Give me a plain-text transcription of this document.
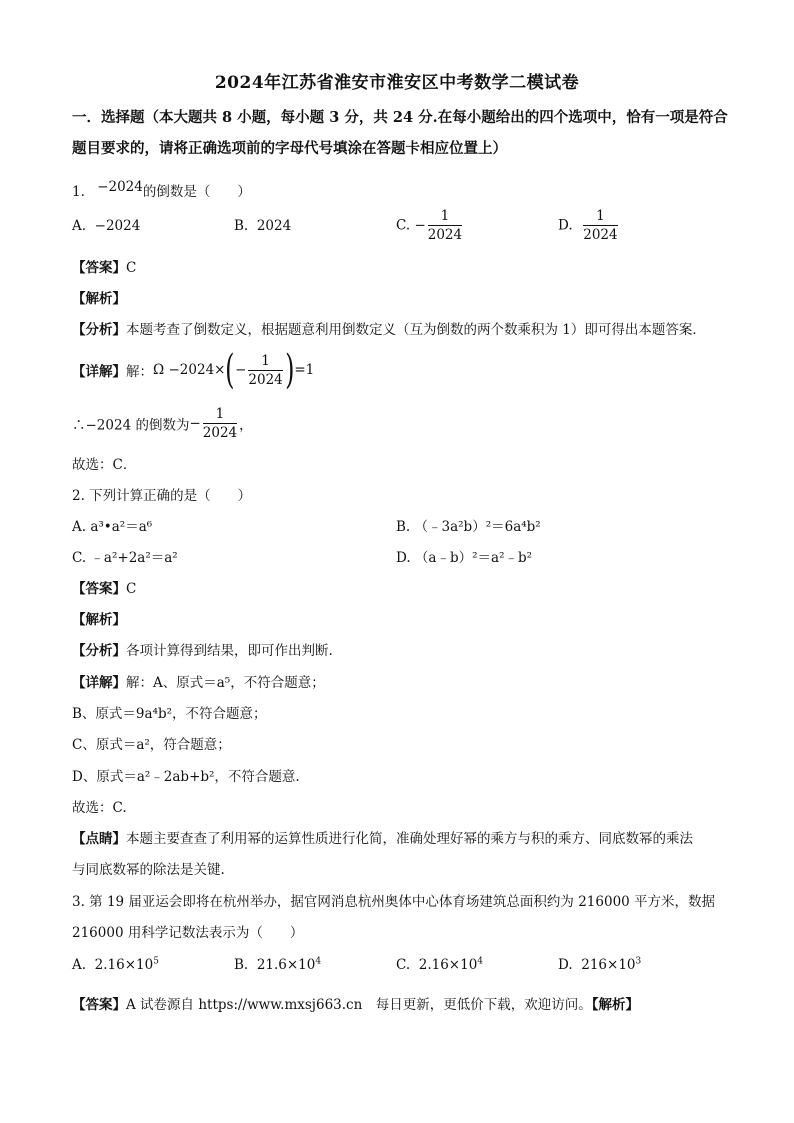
2024年江苏省淮安市淮安区中考数学二模试卷
一．选择题（本大题共 8 小题，每小题 3 分，共 24 分.在每小题给出的四个选项中，恰有一项是符合题目要求的，请将正确选项前的字母代号填涂在答题卡相应位置上）
1. −2024的倒数是（　　）
A. −2024	B. 2024	C. − $\frac{1}{2024}$	D. $\frac{1}{2024}$
【答案】C
【解析】
【分析】本题考查了倒数定义，根据题意利用倒数定义（互为倒数的两个数乘积为 1）即可得出本题答案．
【详解】解：$\Omega -2024\times(- \frac{1}{2024} )=1$
∴−2024 的倒数为− $\frac{1}{2024}$ ，
故选：C．
2. 下列计算正确的是（　　）
A. a³•a²＝a⁶	B. （﹣3a²b）²＝6a⁴b²
C. ﹣a²+2a²＝a²	D. （a﹣b）²＝a²﹣b²
【答案】C
【解析】
【分析】各项计算得到结果，即可作出判断.
【详解】解：A、原式＝a⁵，不符合题意；
B、原式＝9a⁴b²，不符合题意；
C、原式＝a²，符合题意；
D、原式＝a²﹣2ab+b²，不符合题意.
故选：C.
【点睛】本题主要查查了利用幂的运算性质进行化简，准确处理好幂的乘方与积的乘方、同底数幂的乘法
与同底数幂的除法是关键.
3. 第 19 届亚运会即将在杭州举办，据官网消息杭州奥体中心体育场建筑总面积约为 216000 平方米，数据
216000 用科学记数法表示为（　　）
A. $2.16\times 10^5$	B. $21.6\times 10^4$	C. $2.16\times 10^4$	D. $216\times 10^3$
【答案】A 试卷源自 https://www.mxsj663.cn　每日更新，更低价下载，欢迎访问。【解析】
